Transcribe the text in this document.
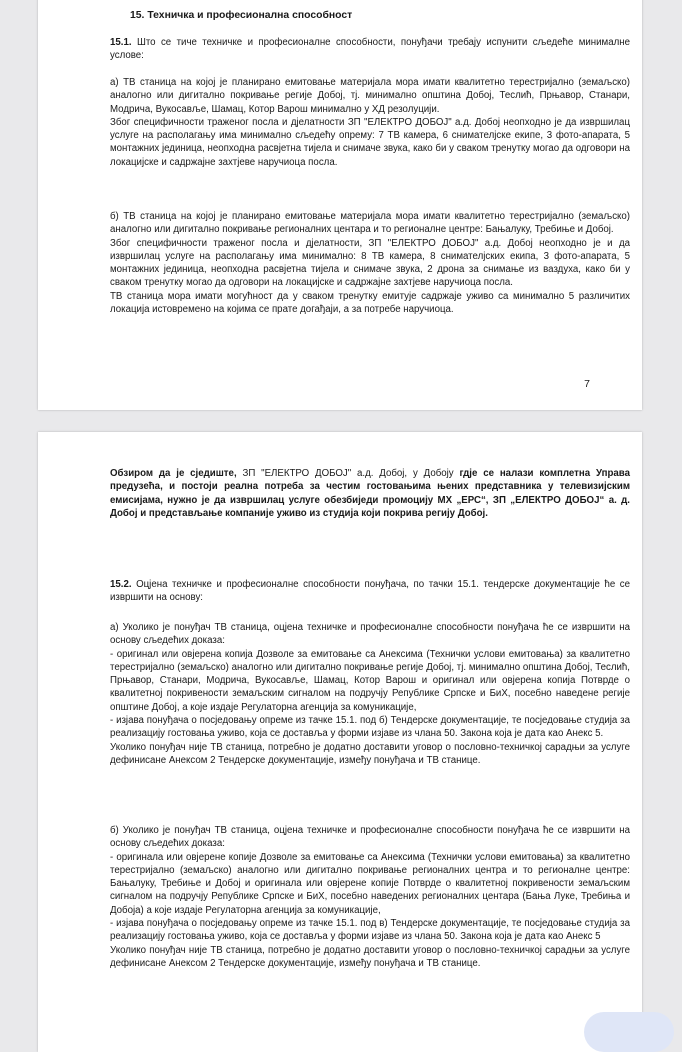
15. Техничка и професионална способност
15.1. Што се тиче техничке и професионалне способности, понуђачи требају испунити сљедеће минималне услове:

а) ТВ станица на којој је планирано емитовање материјала мора имати квалитетно терестријално (земаљско) аналогно или дигитално покривање регије Добој, тј. минимално општина Добој, Теслић, Прњавор, Станари, Модрича, Вукосавље, Шамац, Котор Варош минимално у ХД резолуцији.

Због специфичности траженог посла и дјелатности ЗП "ЕЛЕКТРО ДОБОЈ" а.д. Добој неопходно је да извршилац услуге на располагању има минимално сљедећу опрему: 7 ТВ камера, 6 снимателјске екипе, 3 фото-апарата, 5 монтажних јединица, неопходна расвјетна тијела и снимаче звука, како би у сваком тренутку могао да одговори на локацијске и садржајне захтјеве наручиоца посла.

б) ТВ станица на којој је планирано емитовање материјала мора имати квалитетно терестријално (земаљско) аналогно или дигитално покривање регионалних центара и то регионалне центре: Бањалуку, Требиње и Добој.

Због специфичности тражeног посла и дјелатности, ЗП "ЕЛЕКТРО ДОБОЈ" а.д. Добој неопходно је и да извршилац услуге на располагању има минимално: 8 ТВ камера, 8 снимателјских екипа, 3 фото-апарата, 5 монтажних јединица, неопходна расвјетна тијела и снимаче звука, 2 дрона за снимање из ваздуха, како би у сваком тренутку могао да одговори на локацијске и садржајне захтјеве наручиоца посла.

ТВ станица мора имати могућност да у сваком тренутку емитује садржаје уживо са минимално 5 различитих локација истовремено на којима се прате догађаји, а за потребе наручиоца.

7
Обзиром да је сједиште, ЗП "ЕЛЕКТРО ДОБОЈ" а.д. Добој, у Добоју гдје се налази комплетна Управа предузећа, и постоји реална потреба за честим гостовањима њених представника у телевизијским емисијама, нужно је да извршилац услуге обезбиједи промоцију МХ „ЕРС“, ЗП „ЕЛЕКТРО ДОБОЈ“ а. д. Добој и представљање компаније уживо из студија који покрива регију Добој.
15.2. Оцјена техничке и професионалне способности понуђача, по тачки 15.1. тендерске документације ће се извршити на основу:

а) Уколико је понуђач ТВ станица, оцјена техничке и професионалне способности понуђача ће се извршити на основу сљедећих доказа:

- оригинал или овјерена копија Дозволе за емитовање са Анексима (Технички услови емитовања) за квалитетно терестријално (земаљско) аналогно или дигитално покривање регије Добој, тј. минимално општина Добој, Теслић, Прњавор, Станари, Модрича, Вукосавље, Шамац, Котор Варош и оригинал или овјерена копија Потврде о квалитетној покривености земаљским сигналом на подручју Републике Српске и БиХ, посебно наведене регије општине Добој, а које издаје Регулаторна агенција за комуникације,

- изјава понуђача о посједовању опреме из тачке 15.1. под б) Тендерске документације, те посједовање студија за реализацију гостовања уживо, која се доставља у форми изјаве из члана 50. Закона која је дата као Анекс 5.

Уколико понуђач није ТВ станица, потребно је додатно доставити уговор о пословно-техничкој сарадњи за услуге дефинисане Анексом 2 Тендерске документације, између понуђача и ТВ станице.

б) Уколико је понуђач ТВ станица, оцјена техничке и професионалне способности понуђача ће се извршити на основу сљедећих доказа:

- оригинала или овјерене копије Дозволе за емитовање са Анексима (Технички услови емитовања) за квалитетно терестријално (земаљско) аналогно или дигитално покривање регионалних центра и то регионалне центре: Бањалуку, Требиње и Добој и оригинала или овјерене копије Потврде о квалитетној покривености земаљским сигналом на подручју Републике Српске и БиХ, посебно наведених регионалних центара (Бања Луке, Требиња и Добоја) а које издаје Регулаторна агенција за комуникације,

- изјава понуђача о посједовању опреме из тачке 15.1. под в) Тендерске документације, те посједовање студија за реализацију гостовања уживо, која се доставља у форми изјаве из члана 50. Закона која је дата као Анекс 5

Уколико понуђач није ТВ станица, потребно је додатно доставити уговор о пословно-техничкој сарадњи за услуге дефинисане Анексом 2 Тендерске документације, између понуђача и ТВ станице.
